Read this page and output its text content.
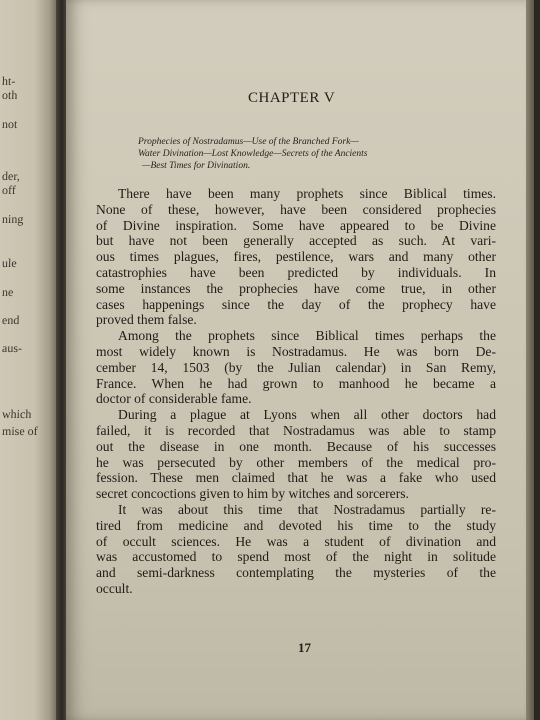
ht-
oth
not
der,
off
ning
ule
ne
end
aus-
which
mise of
CHAPTER V
Prophecies of Nostradamus—Use of the Branched Fork—
Water Divination—Lost Knowledge—Secrets of the Ancients
—Best Times for Divination.
There have been many prophets since Biblical times.
None of these, however, have been considered prophecies
of Divine inspiration. Some have appeared to be Divine
but have not been generally accepted as such. At vari-
ous times plagues, fires, pestilence, wars and many other
catastrophies have been predicted by individuals. In
some instances the prophecies have come true, in other
cases happenings since the day of the prophecy have
proved them false.
Among the prophets since Biblical times perhaps the
most widely known is Nostradamus. He was born De-
cember 14, 1503 (by the Julian calendar) in San Remy,
France. When he had grown to manhood he became a
doctor of considerable fame.
During a plague at Lyons when all other doctors had
failed, it is recorded that Nostradamus was able to stamp
out the disease in one month. Because of his successes
he was persecuted by other members of the medical pro-
fession. These men claimed that he was a fake who used
secret concoctions given to him by witches and sorcerers.
It was about this time that Nostradamus partially re-
tired from medicine and devoted his time to the study
of occult sciences. He was a student of divination and
was accustomed to spend most of the night in solitude
and semi-darkness contemplating the mysteries of the
occult.
17
